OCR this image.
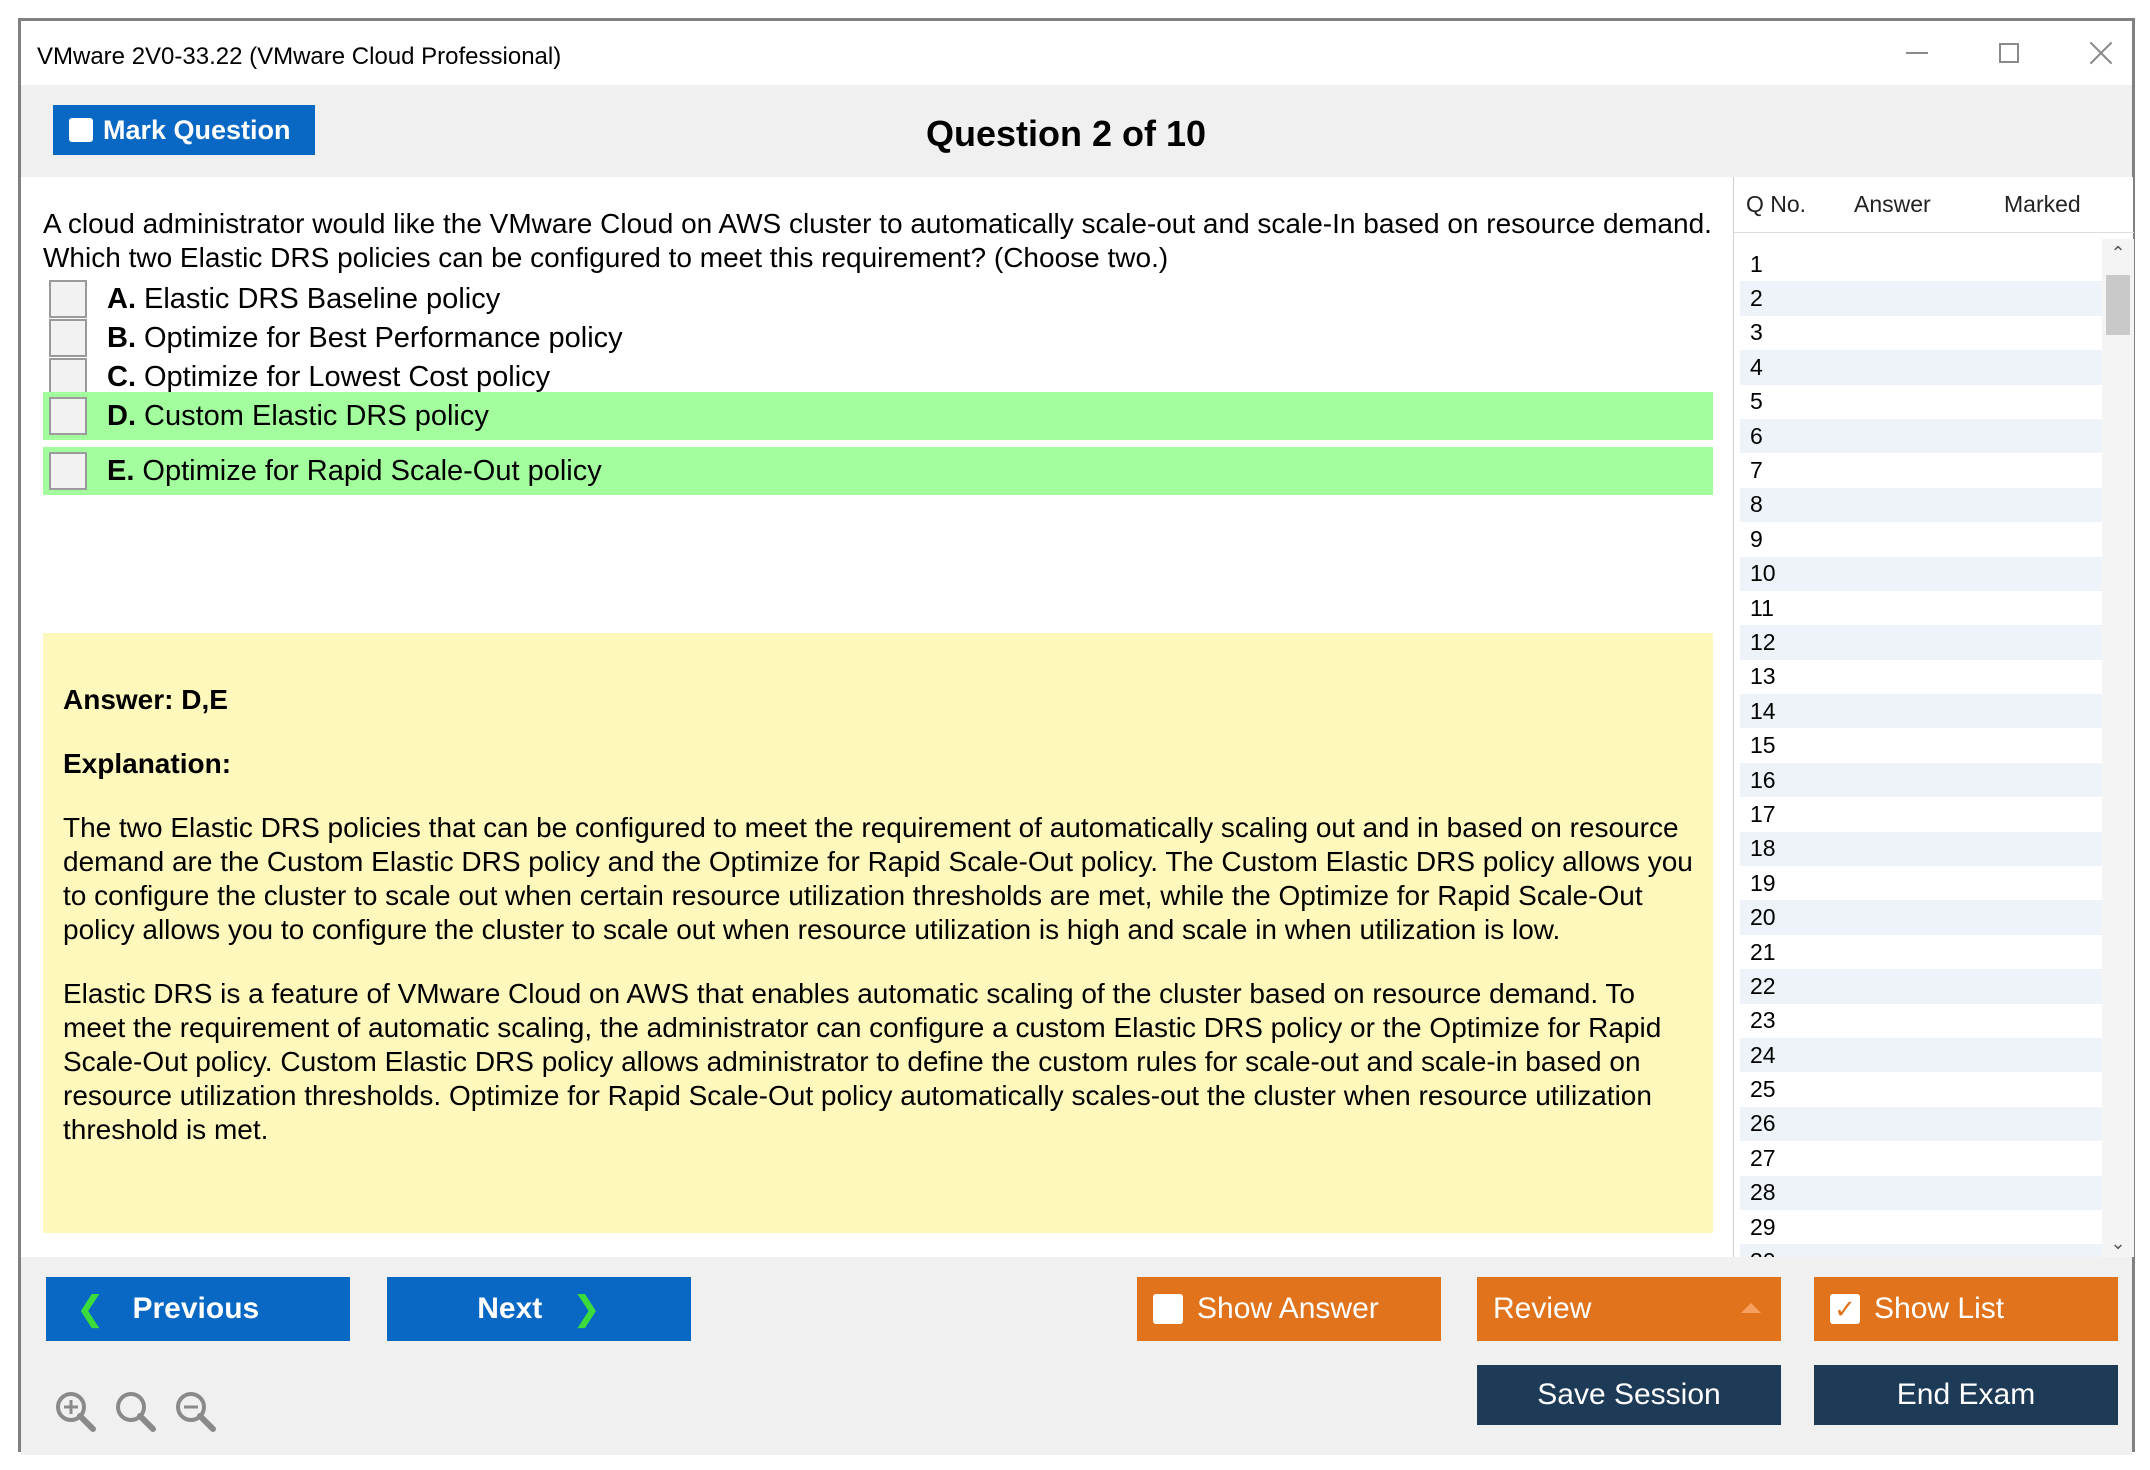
VMware 2V0-33.22 (VMware Cloud Professional)
Mark Question	Question 2 of 10
A cloud administrator would like the VMware Cloud on AWS cluster to automatically scale-out and scale-In based on resource demand. Which two Elastic DRS policies can be configured to meet this requirement? (Choose two.)
A. Elastic DRS Baseline policy
B. Optimize for Best Performance policy
C. Optimize for Lowest Cost policy
D. Custom Elastic DRS policy
E. Optimize for Rapid Scale-Out policy
Answer: D,E
Explanation:

The two Elastic DRS policies that can be configured to meet the requirement of automatically scaling out and in based on resource demand are the Custom Elastic DRS policy and the Optimize for Rapid Scale-Out policy. The Custom Elastic DRS policy allows you to configure the cluster to scale out when certain resource utilization thresholds are met, while the Optimize for Rapid Scale-Out policy allows you to configure the cluster to scale out when resource utilization is high and scale in when utilization is low.

Elastic DRS is a feature of VMware Cloud on AWS that enables automatic scaling of the cluster based on resource demand. To meet the requirement of automatic scaling, the administrator can configure a custom Elastic DRS policy or the Optimize for Rapid Scale-Out policy. Custom Elastic DRS policy allows administrator to define the custom rules for scale-out and scale-in based on resource utilization thresholds. Optimize for Rapid Scale-Out policy automatically scales-out the cluster when resource utilization threshold is met.

Q No. Answer	Marked
1
2
3
4
5
6
7
8
9
10
11
12
13
14
15
16
17
18
19
20
21
22
23
24
25
26
27
28
29
⌃
⌄
❮ Previous	Next ❯	Show Answer	Review	✓ Show List
Save Session	End Exam
